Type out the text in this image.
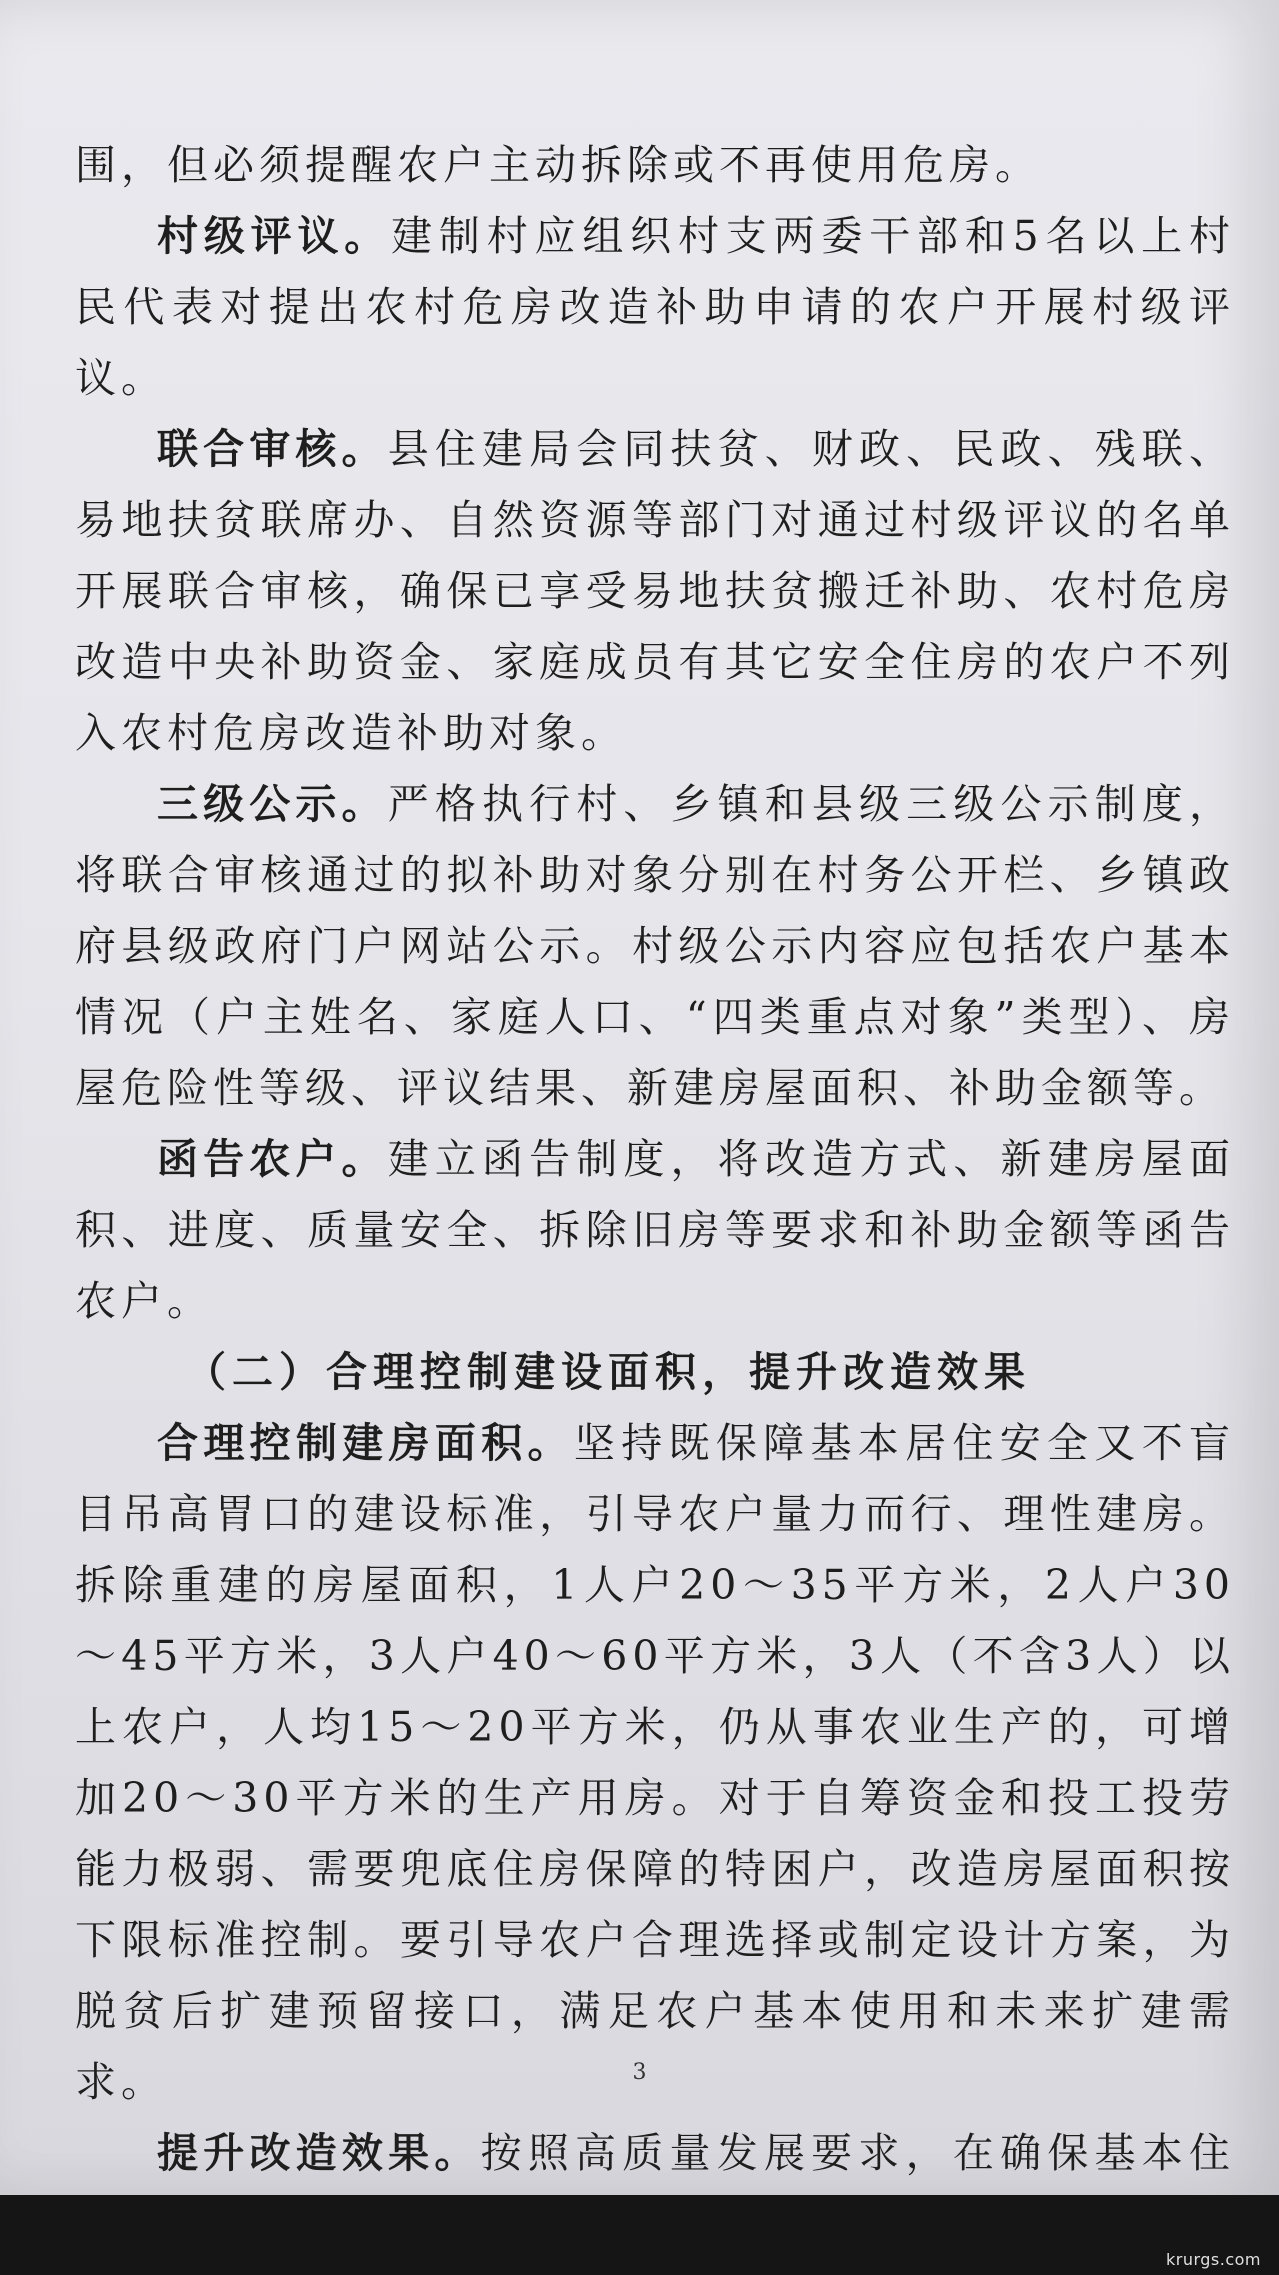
围，但必须提醒农户主动拆除或不再使用危房。

村级评议。建制村应组织村支两委干部和5名以上村民代表对提出农村危房改造补助申请的农户开展村级评议。

联合审核。县住建局会同扶贫、财政、民政、残联、易地扶贫联席办、自然资源等部门对通过村级评议的名单开展联合审核，确保已享受易地扶贫搬迁补助、农村危房改造中央补助资金、家庭成员有其它安全住房的农户不列入农村危房改造补助对象。

三级公示。严格执行村、乡镇和县级三级公示制度，将联合审核通过的拟补助对象分别在村务公开栏、乡镇政府县级政府门户网站公示。村级公示内容应包括农户基本情况（户主姓名、家庭人口、“四类重点对象”类型）、房屋危险性等级、评议结果、新建房屋面积、补助金额等。

函告农户。建立函告制度，将改造方式、新建房屋面积、进度、质量安全、拆除旧房等要求和补助金额等函告农户。

（二）合理控制建设面积，提升改造效果

合理控制建房面积。坚持既保障基本居住安全又不盲目吊高胃口的建设标准，引导农户量力而行、理性建房。拆除重建的房屋面积，1人户20～35平方米，2人户30～45平方米，3人户40～60平方米，3人（不含3人）以上农户，人均15～20平方米，仍从事农业生产的，可增加20～30平方米的生产用房。对于自筹资金和投工投劳能力极弱、需要兜底住房保障的特困户，改造房屋面积按下限标准控制。要引导农户合理选择或制定设计方案，为脱贫后扩建预留接口，满足农户基本使用和未来扩建需求。

提升改造效果。按照高质量发展要求，在确保基本住

3
krurgs.com
